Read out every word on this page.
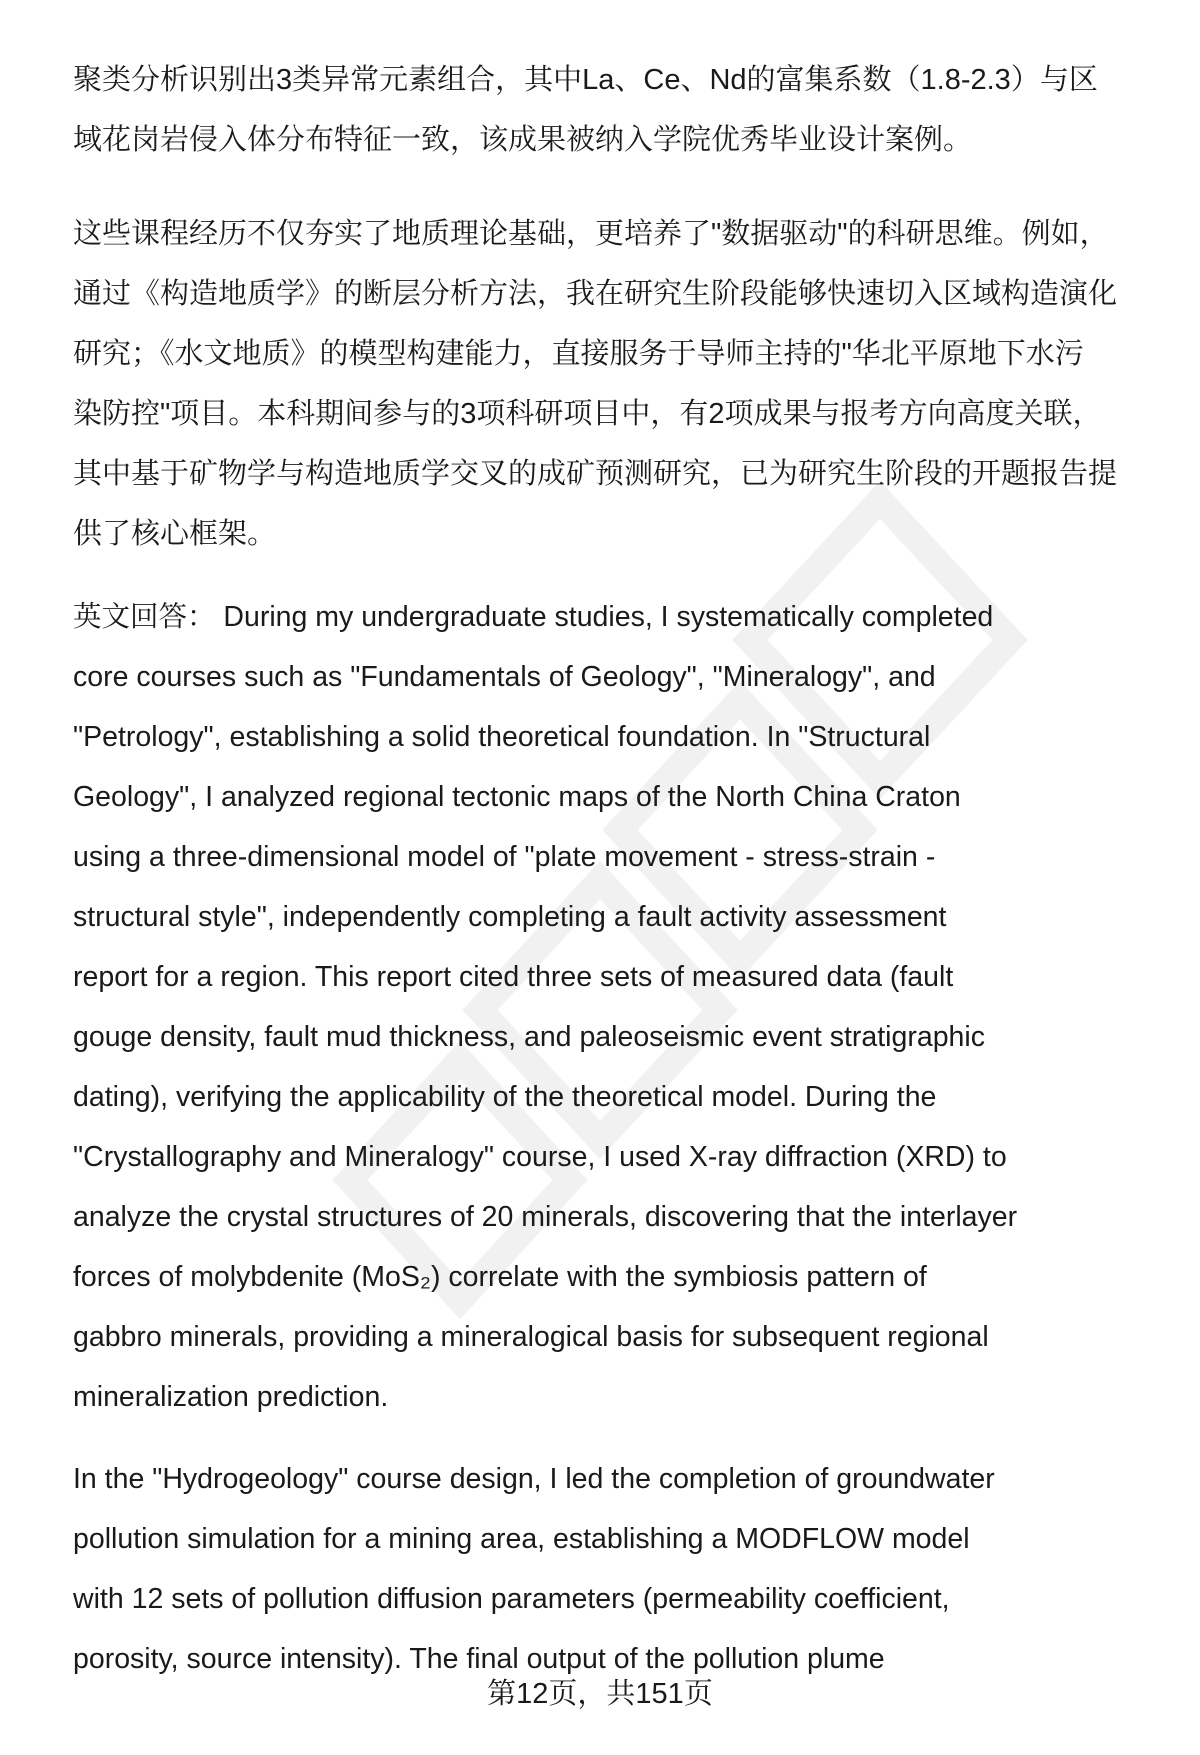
聚类分析识别出3类异常元素组合，其中La、Ce、Nd的富集系数（1.8-2.3）与区
域花岗岩侵入体分布特征一致，该成果被纳入学院优秀毕业设计案例。
这些课程经历不仅夯实了地质理论基础，更培养了"数据驱动"的科研思维。例如，
通过《构造地质学》的断层分析方法，我在研究生阶段能够快速切入区域构造演化
研究；《水文地质》的模型构建能力，直接服务于导师主持的"华北平原地下水污
染防控"项目。本科期间参与的3项科研项目中，有2项成果与报考方向高度关联，
其中基于矿物学与构造地质学交叉的成矿预测研究，已为研究生阶段的开题报告提
供了核心框架。
英文回答： During my undergraduate studies, I systematically completed
core courses such as "Fundamentals of Geology", "Mineralogy", and
"Petrology", establishing a solid theoretical foundation. In "Structural
Geology", I analyzed regional tectonic maps of the North China Craton
using a three-dimensional model of "plate movement - stress-strain -
structural style", independently completing a fault activity assessment
report for a region. This report cited three sets of measured data (fault
gouge density, fault mud thickness, and paleoseismic event stratigraphic
dating), verifying the applicability of the theoretical model. During the
"Crystallography and Mineralogy" course, I used X-ray diffraction (XRD) to
analyze the crystal structures of 20 minerals, discovering that the interlayer
forces of molybdenite (MoS₂) correlate with the symbiosis pattern of
gabbro minerals, providing a mineralogical basis for subsequent regional
mineralization prediction.
In the "Hydrogeology" course design, I led the completion of groundwater
pollution simulation for a mining area, establishing a MODFLOW model
with 12 sets of pollution diffusion parameters (permeability coefficient,
porosity, source intensity). The final output of the pollution plume
第12页，共151页
